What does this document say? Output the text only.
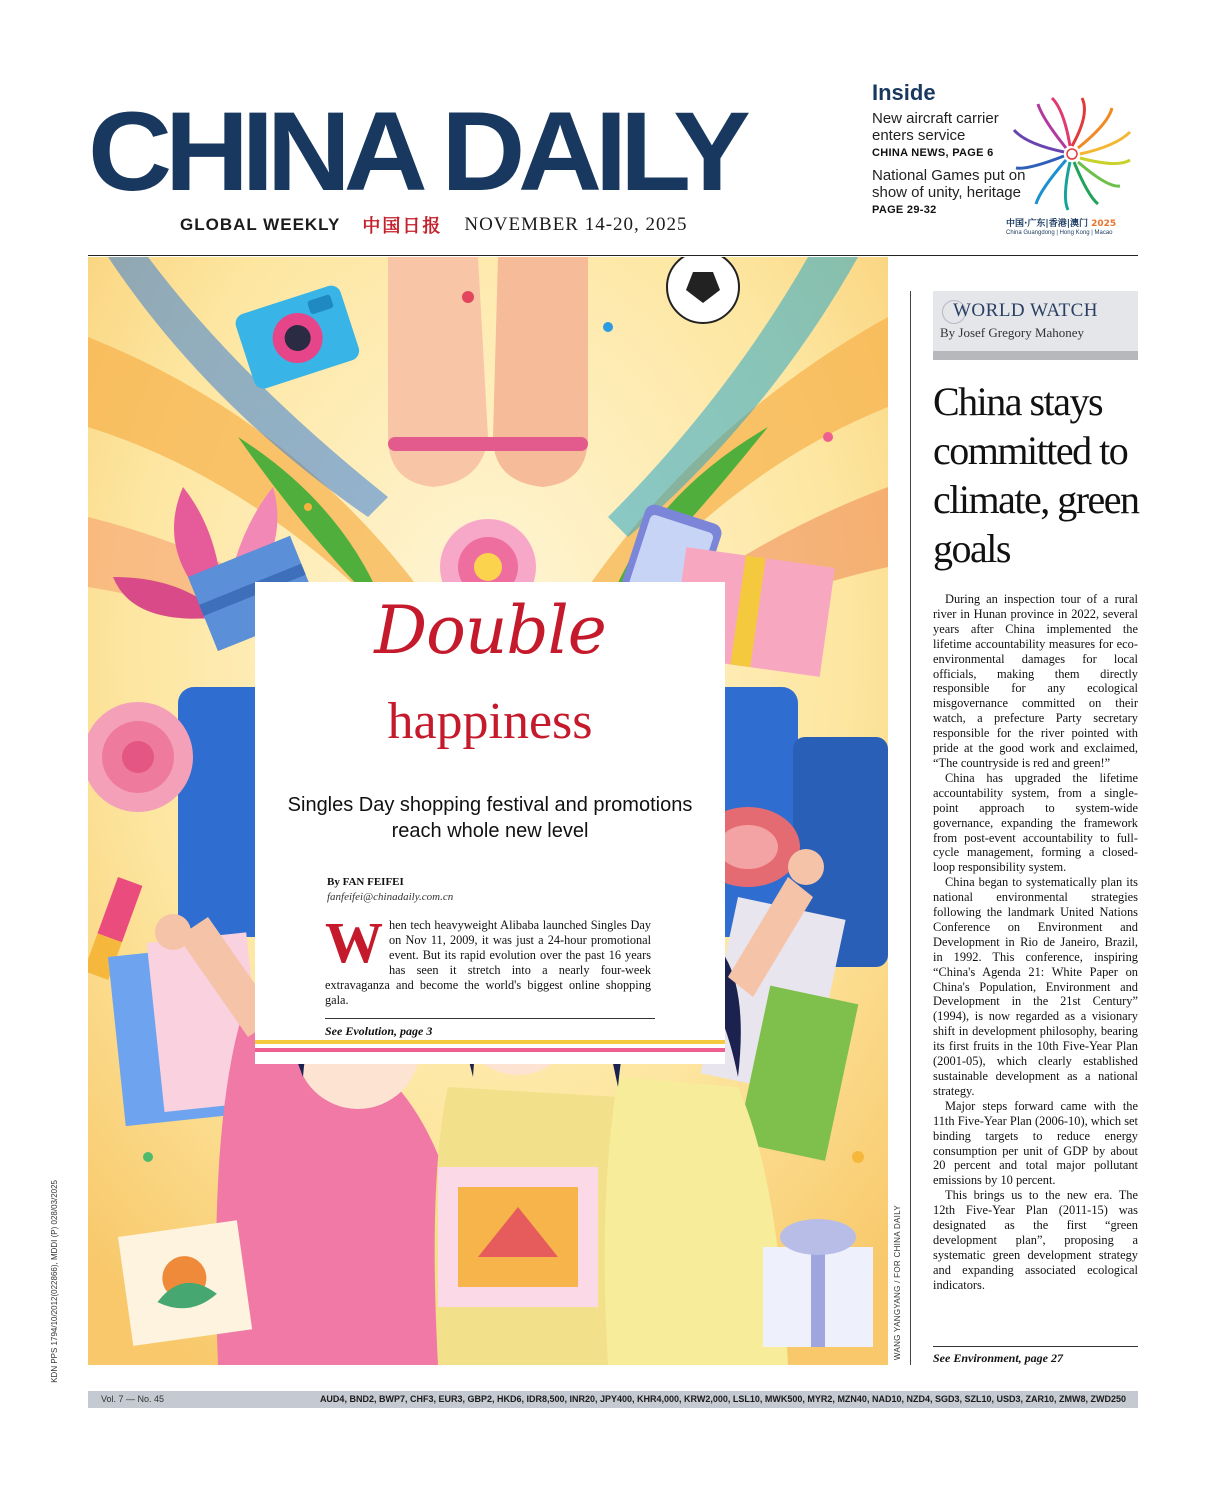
CHINA DAILY
GLOBAL WEEKLY 中国日报 NOVEMBER 14-20, 2025
Inside
New aircraft carrier enters service
CHINA NEWS, PAGE 6
National Games put on show of unity, heritage
PAGE 29-32
中国·广东|香港|澳门 2025
China Guangdong | Hong Kong | Macao
WANG YANGYANG / FOR CHINA DAILY
Double
happiness
Singles Day shopping festival and promotions reach whole new level
By FAN FEIFEI
fanfeifei@chinadaily.com.cn
When tech heavyweight Alibaba launched Singles Day on Nov 11, 2009, it was just a 24-hour promotional event. But its rapid evolution over the past 16 years has seen it stretch into a nearly four-week extravaganza and become the world's biggest online shopping gala.
See Evolution, page 3
WORLD WATCH
By Josef Gregory Mahoney
China stays committed to climate, green goals

During an inspection tour of a rural river in Hunan province in 2022, several years after China implemented the lifetime accountability measures for eco-environmental damages for local officials, making them directly responsible for any ecological misgovernance committed on their watch, a prefecture Party secretary responsible for the river pointed with pride at the good work and exclaimed, “The countryside is red and green!”

China has upgraded the lifetime accountability system, from a single-point approach to system-wide governance, expanding the framework from post-event accountability to full-cycle management, forming a closed-loop responsibility system.

China began to systematically plan its national environmental strategies following the landmark United Nations Conference on Environment and Development in Rio de Janeiro, Brazil, in 1992. This conference, inspiring “China's Agenda 21: White Paper on China's Population, Environment and Development in the 21st Century” (1994), is now regarded as a visionary shift in development philosophy, bearing its first fruits in the 10th Five-Year Plan (2001-05), which clearly established sustainable development as a national strategy.

Major steps forward came with the 11th Five-Year Plan (2006-10), which set binding targets to reduce energy consumption per unit of GDP by about 20 percent and total major pollutant emissions by 10 percent.

This brings us to the new era. The 12th Five-Year Plan (2011-15) was designated as the first “green development plan”, proposing a systematic green development strategy and expanding associated ecological indicators.

See Environment, page 27
Vol. 7 — No. 45	AUD4, BND2, BWP7, CHF3, EUR3, GBP2, HKD6, IDR8,500, INR20, JPY400, KHR4,000, KRW2,000, LSL10, MWK500, MYR2, MZN40, NAD10, NZD4, SGD3, SZL10, USD3, ZAR10, ZMW8, ZWD250
KDN PPS 1794/10/2012(022866), MDDI (P) 028/03/2025
